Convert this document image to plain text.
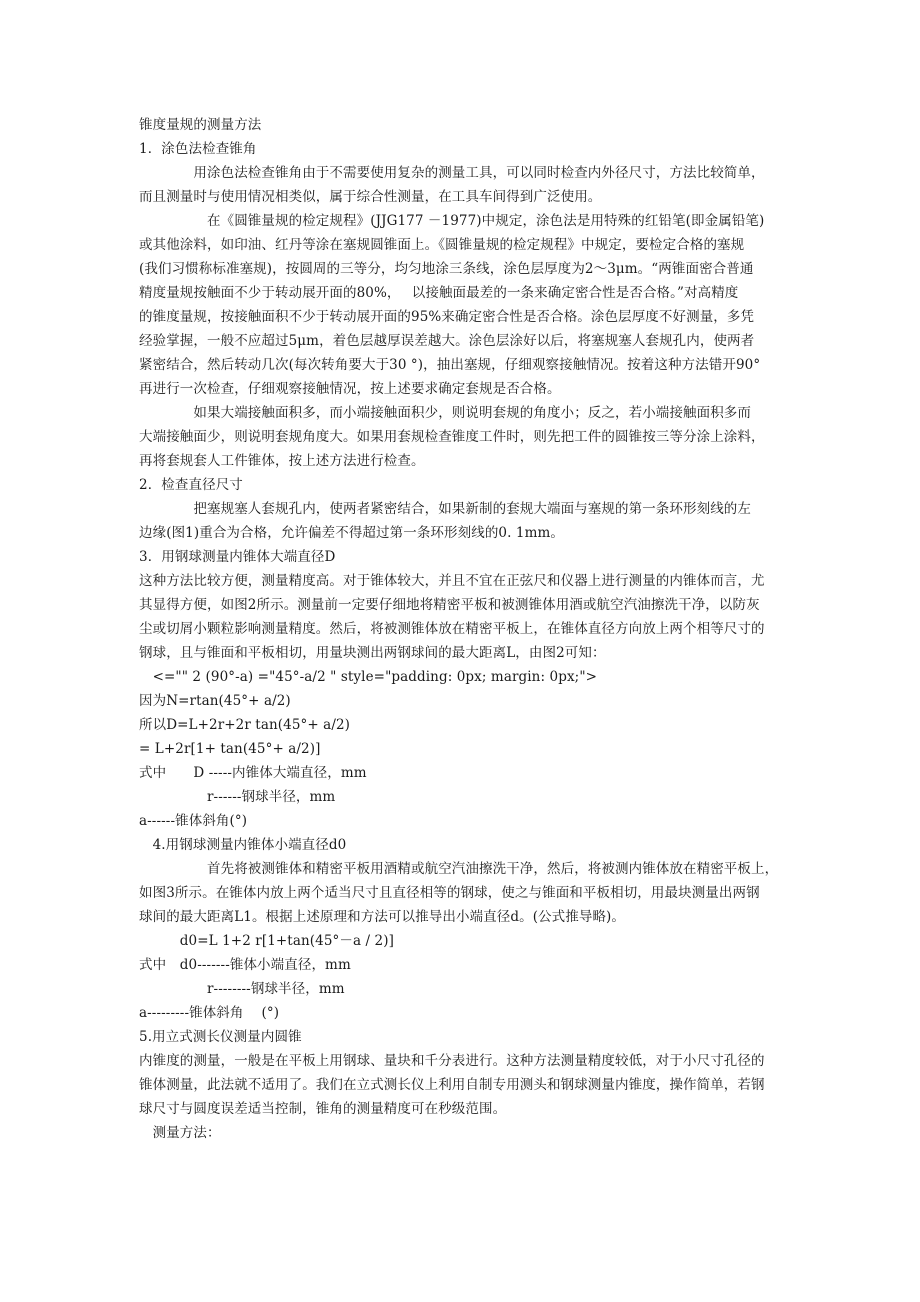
锥度量规的测量方法
1．涂色法检查锥角
　　　　用涂色法检查锥角由于不需要使用复杂的测量工具，可以同时检查内外径尺寸，方法比较简单，
而且测量时与使用情况相类似，属于综合性测量，在工具车间得到广泛使用。
　　　　　在《圆锥量规的检定规程》(JJG177 －1977)中规定，涂色法是用特殊的红铅笔(即金属铅笔)
或其他涂料，如印油、红丹等涂在塞规圆锥面上。《圆锥量规的检定规程》中规定，要检定合格的塞规
(我们习惯称标准塞规)，按圆周的三等分，均匀地涂三条线，涂色层厚度为2～3μm。“两锥面密合普通
精度量规按触面不少于转动展开面的80%，　 以接触面最差的一条来确定密合性是否合格。”对高精度
的锥度量规，按接触面积不少于转动展开面的95%来确定密合性是否合格。涂色层厚度不好测量，多凭
经验掌握，一般不应超过5μm，着色层越厚误差越大。涂色层涂好以后，将塞规塞人套规孔内，使两者
紧密结合，然后转动几次(每次转角要大于30 °)，抽出塞规，仔细观察接触情况。按着这种方法错开90°
再进行一次检查，仔细观察接触情况，按上述要求确定套规是否合格。
　　　　如果大端接触面积多，而小端接触面积少，则说明套规的角度小；反之，若小端接触面积多而
大端接触面少，则说明套规角度大。如果用套规检查锥度工件时，则先把工件的圆锥按三等分涂上涂料，
再将套规套人工件锥体，按上述方法进行检查。
2．检查直径尺寸
　　　　把塞规塞人套规孔内，使两者紧密结合，如果新制的套规大端面与塞规的第一条环形刻线的左
边缘(图1)重合为合格，允许偏差不得超过第一条环形刻线的0. 1mm。
3．用钢球测量内锥体大端直径D
这种方法比较方便，测量精度高。对于锥体较大，并且不宜在正弦尺和仪器上进行测量的内锥体而言，尤
其显得方便，如图2所示。测量前一定要仔细地将精密平板和被测锥体用酒或航空汽油擦洗干净，以防灰
尘或切屑小颗粒影响测量精度。然后，将被测锥体放在精密平板上，在锥体直径方向放上两个相等尺寸的
钢球，且与锥面和平板相切，用量块测出两钢球间的最大距离L，由图2可知：
　<="" 2 (90°-a) ="45°-a/2 " style="padding: 0px; margin: 0px;">
因为N=rtan(45°+ a/2)
所以D=L+2r+2r tan(45°+ a/2)
= L+2r[1+ tan(45°+ a/2)]
式中　　D -----内锥体大端直径，mm
　　　　　r------钢球半径，mm
a------锥体斜角(°)
　4.用钢球测量内锥体小端直径d0
　　　　　首先将被测锥体和精密平板用酒精或航空汽油擦洗干净，然后，将被测内锥体放在精密平板上，
如图3所示。在锥体内放上两个适当尺寸且直径相等的钢球，使之与锥面和平板相切，用最块测量出两钢
球间的最大距离L1。根据上述原理和方法可以推导出小端直径d。(公式推导略)。
　　　d0=L 1+2 r[1+tan(45°－a / 2)]
式中　d0-------锥体小端直径，mm
　　　　　r--------钢球半径，mm
a---------锥体斜角　 (°)
5.用立式测长仪测量内圆锥
内锥度的测量，一般是在平板上用钢球、量块和千分表进行。这种方法测量精度较低，对于小尺寸孔径的
锥体测量，此法就不适用了。我们在立式测长仪上利用自制专用测头和钢球测量内锥度，操作简单，若钢
球尺寸与圆度误差适当控制，锥角的测量精度可在秒级范围。
　测量方法：
